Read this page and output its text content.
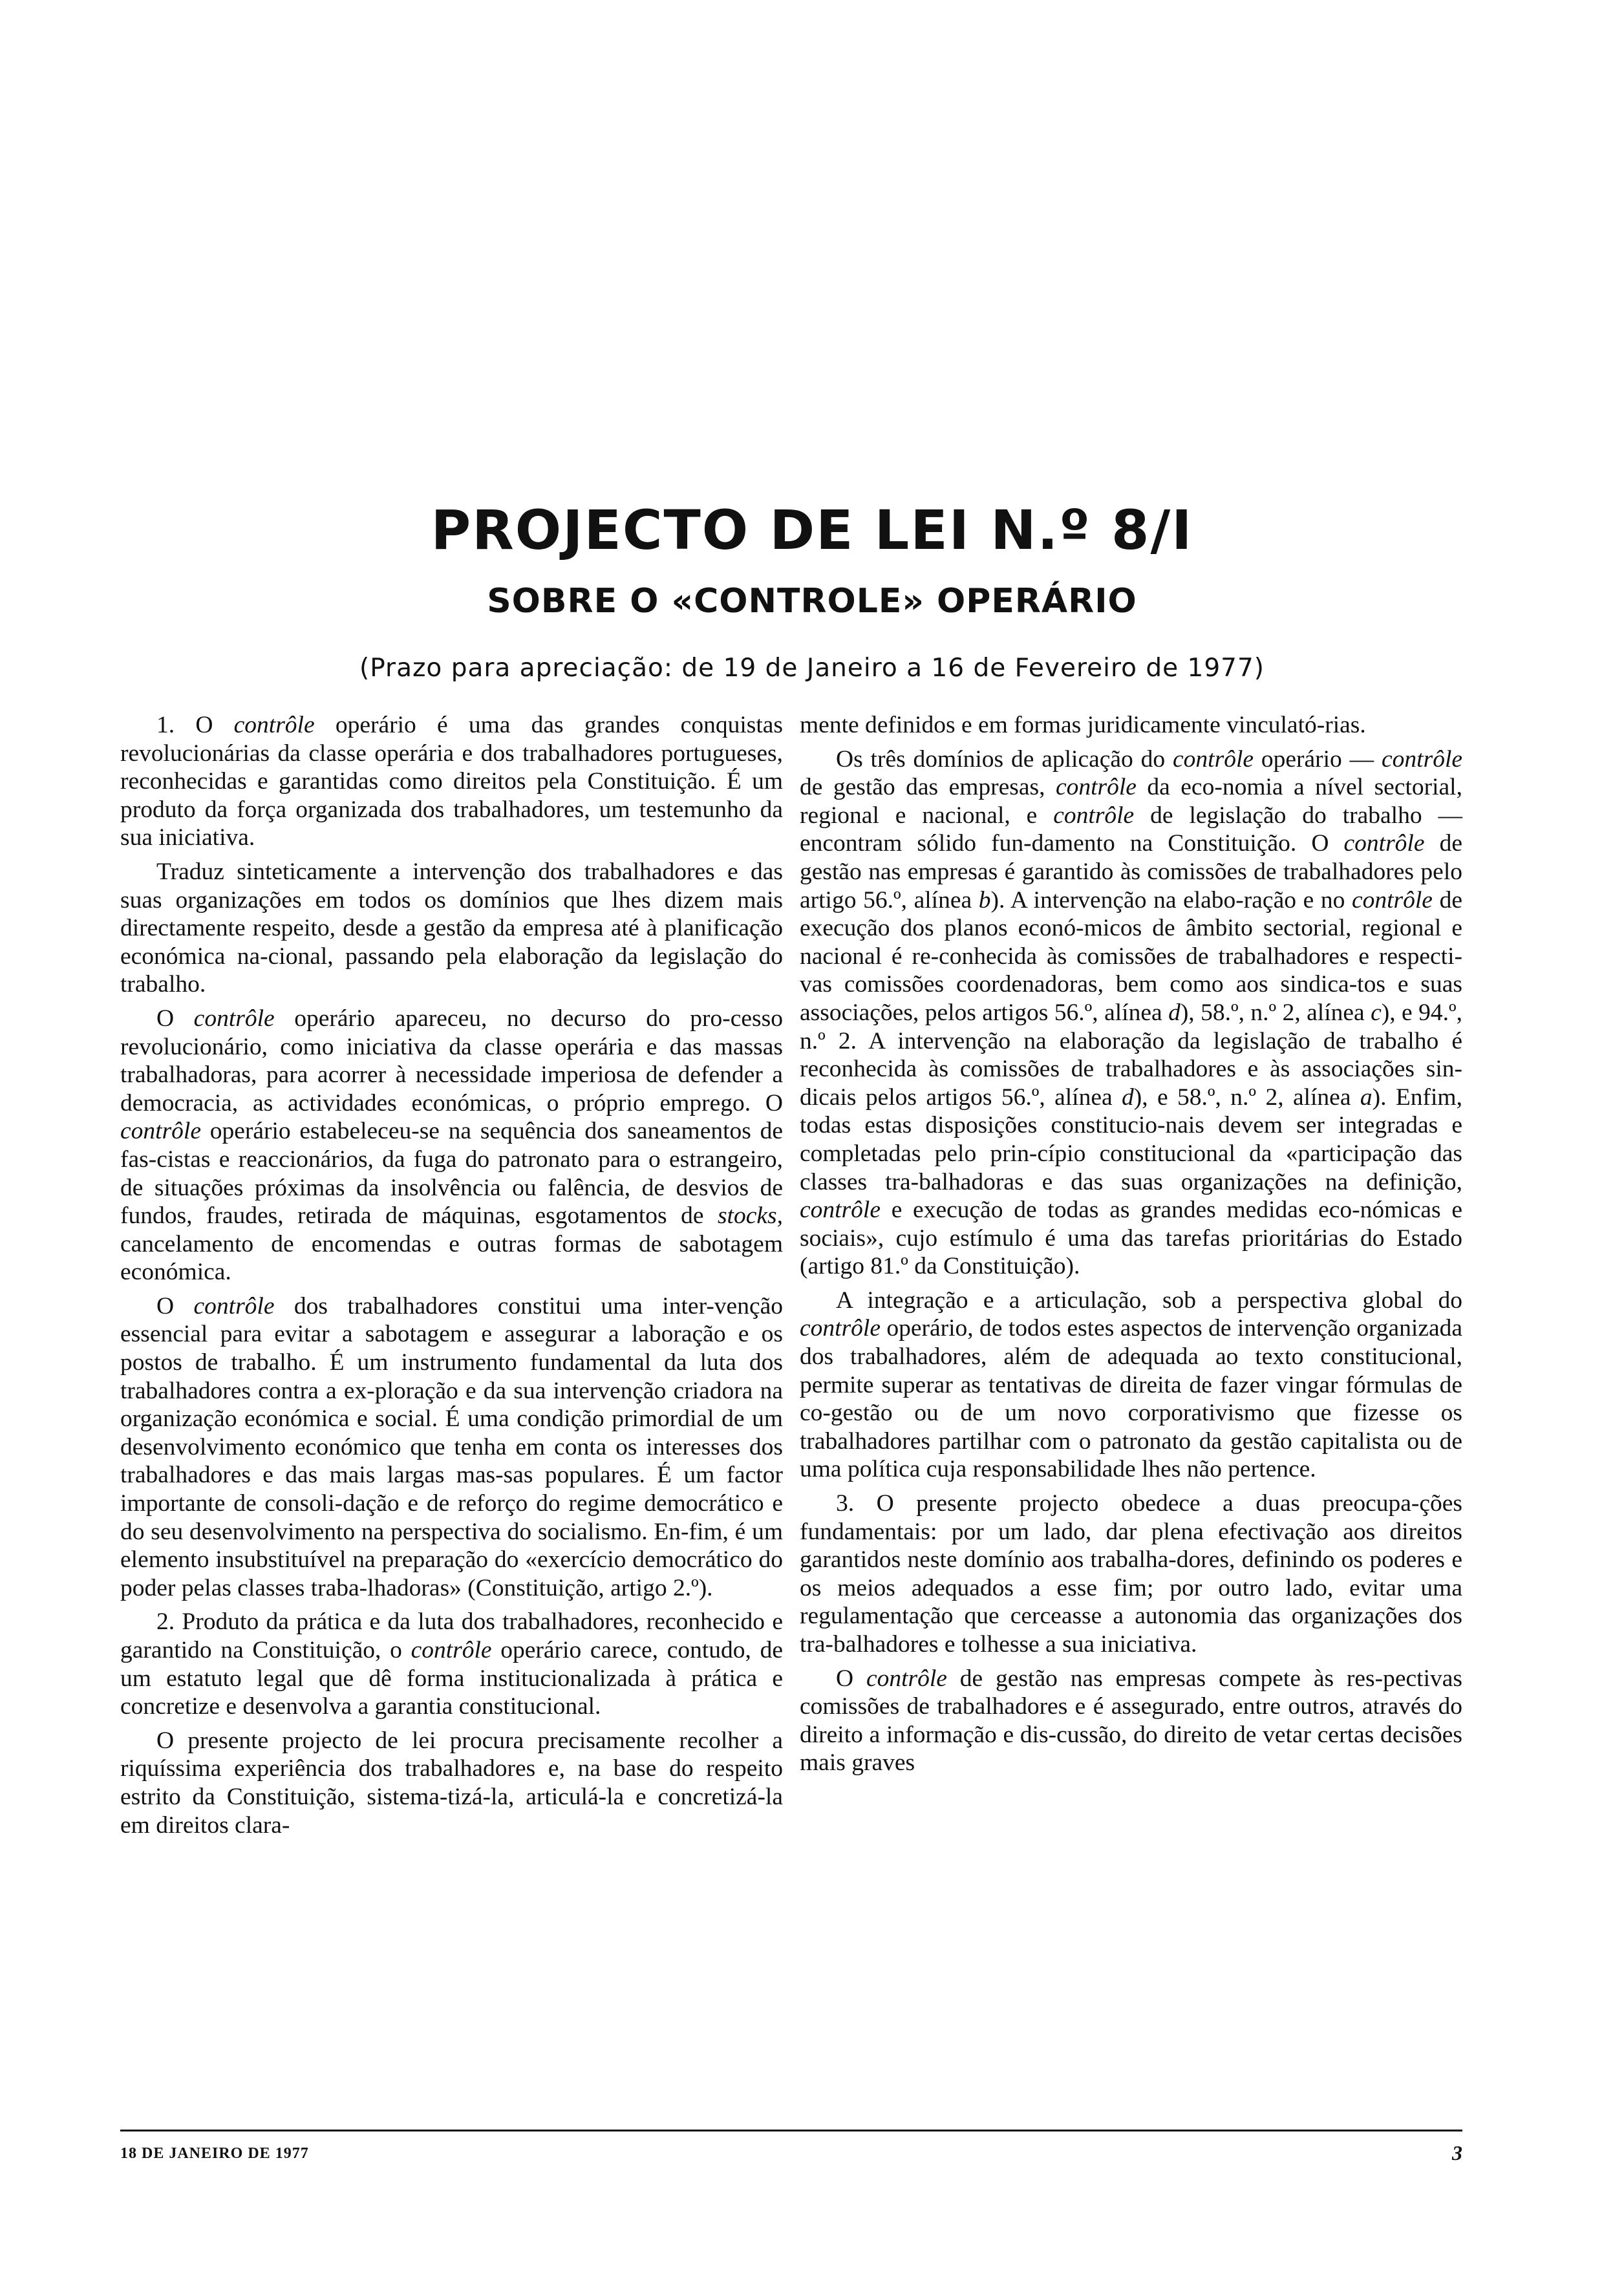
PROJECTO DE LEI N.º 8/I
SOBRE O «CONTROLE» OPERÁRIO

(Prazo para apreciação: de 19 de Janeiro a 16 de Fevereiro de 1977)

1. O contrôle operário é uma das grandes conquistas revolucionárias da classe operária e dos trabalhadores portugueses, reconhecidas e garantidas como direitos pela Constituição. É um produto da força organizada dos trabalhadores, um testemunho da sua iniciativa.

Traduz sinteticamente a intervenção dos trabalhadores e das suas organizações em todos os domínios que lhes dizem mais directamente respeito, desde a gestão da empresa até à planificação económica na-cional, passando pela elaboração da legislação do trabalho.

O contrôle operário apareceu, no decurso do pro-cesso revolucionário, como iniciativa da classe operária e das massas trabalhadoras, para acorrer à necessidade imperiosa de defender a democracia, as actividades económicas, o próprio emprego. O contrôle operário estabeleceu-se na sequência dos saneamentos de fas-cistas e reaccionários, da fuga do patronato para o estrangeiro, de situações próximas da insolvência ou falência, de desvios de fundos, fraudes, retirada de máquinas, esgotamentos de stocks, cancelamento de encomendas e outras formas de sabotagem económica.

O contrôle dos trabalhadores constitui uma inter-venção essencial para evitar a sabotagem e assegurar a laboração e os postos de trabalho. É um instrumento fundamental da luta dos trabalhadores contra a ex-ploração e da sua intervenção criadora na organização económica e social. É uma condição primordial de um desenvolvimento económico que tenha em conta os interesses dos trabalhadores e das mais largas mas-sas populares. É um factor importante de consoli-dação e de reforço do regime democrático e do seu desenvolvimento na perspectiva do socialismo. En-fim, é um elemento insubstituível na preparação do «exercício democrático do poder pelas classes traba-lhadoras» (Constituição, artigo 2.º).

2. Produto da prática e da luta dos trabalhadores, reconhecido e garantido na Constituição, o contrôle operário carece, contudo, de um estatuto legal que dê forma institucionalizada à prática e concretize e desenvolva a garantia constitucional.

O presente projecto de lei procura precisamente recolher a riquíssima experiência dos trabalhadores e, na base do respeito estrito da Constituição, sistema-tizá-la, articulá-la e concretizá-la em direitos clara-

mente definidos e em formas juridicamente vinculató-rias.

Os três domínios de aplicação do contrôle operário — contrôle de gestão das empresas, contrôle da eco-nomia a nível sectorial, regional e nacional, e contrôle de legislação do trabalho — encontram sólido fun-damento na Constituição. O contrôle de gestão nas empresas é garantido às comissões de trabalhadores pelo artigo 56.º, alínea b). A intervenção na elabo-ração e no contrôle de execução dos planos econó-micos de âmbito sectorial, regional e nacional é re-conhecida às comissões de trabalhadores e respecti-vas comissões coordenadoras, bem como aos sindica-tos e suas associações, pelos artigos 56.º, alínea d), 58.º, n.º 2, alínea c), e 94.º, n.º 2. A intervenção na elaboração da legislação de trabalho é reconhecida às comissões de trabalhadores e às associações sin-dicais pelos artigos 56.º, alínea d), e 58.º, n.º 2, alínea a). Enfim, todas estas disposições constitucio-nais devem ser integradas e completadas pelo prin-cípio constitucional da «participação das classes tra-balhadoras e das suas organizações na definição, contrôle e execução de todas as grandes medidas eco-nómicas e sociais», cujo estímulo é uma das tarefas prioritárias do Estado (artigo 81.º da Constituição).

A integração e a articulação, sob a perspectiva global do contrôle operário, de todos estes aspectos de intervenção organizada dos trabalhadores, além de adequada ao texto constitucional, permite superar as tentativas de direita de fazer vingar fórmulas de co-gestão ou de um novo corporativismo que fizesse os trabalhadores partilhar com o patronato da gestão capitalista ou de uma política cuja responsabilidade lhes não pertence.

3. O presente projecto obedece a duas preocupa-ções fundamentais: por um lado, dar plena efectivação aos direitos garantidos neste domínio aos trabalha-dores, definindo os poderes e os meios adequados a esse fim; por outro lado, evitar uma regulamentação que cerceasse a autonomia das organizações dos tra-balhadores e tolhesse a sua iniciativa.

O contrôle de gestão nas empresas compete às res-pectivas comissões de trabalhadores e é assegurado, entre outros, através do direito a informação e dis-cussão, do direito de vetar certas decisões mais graves

18 DE JANEIRO DE 1977	3
